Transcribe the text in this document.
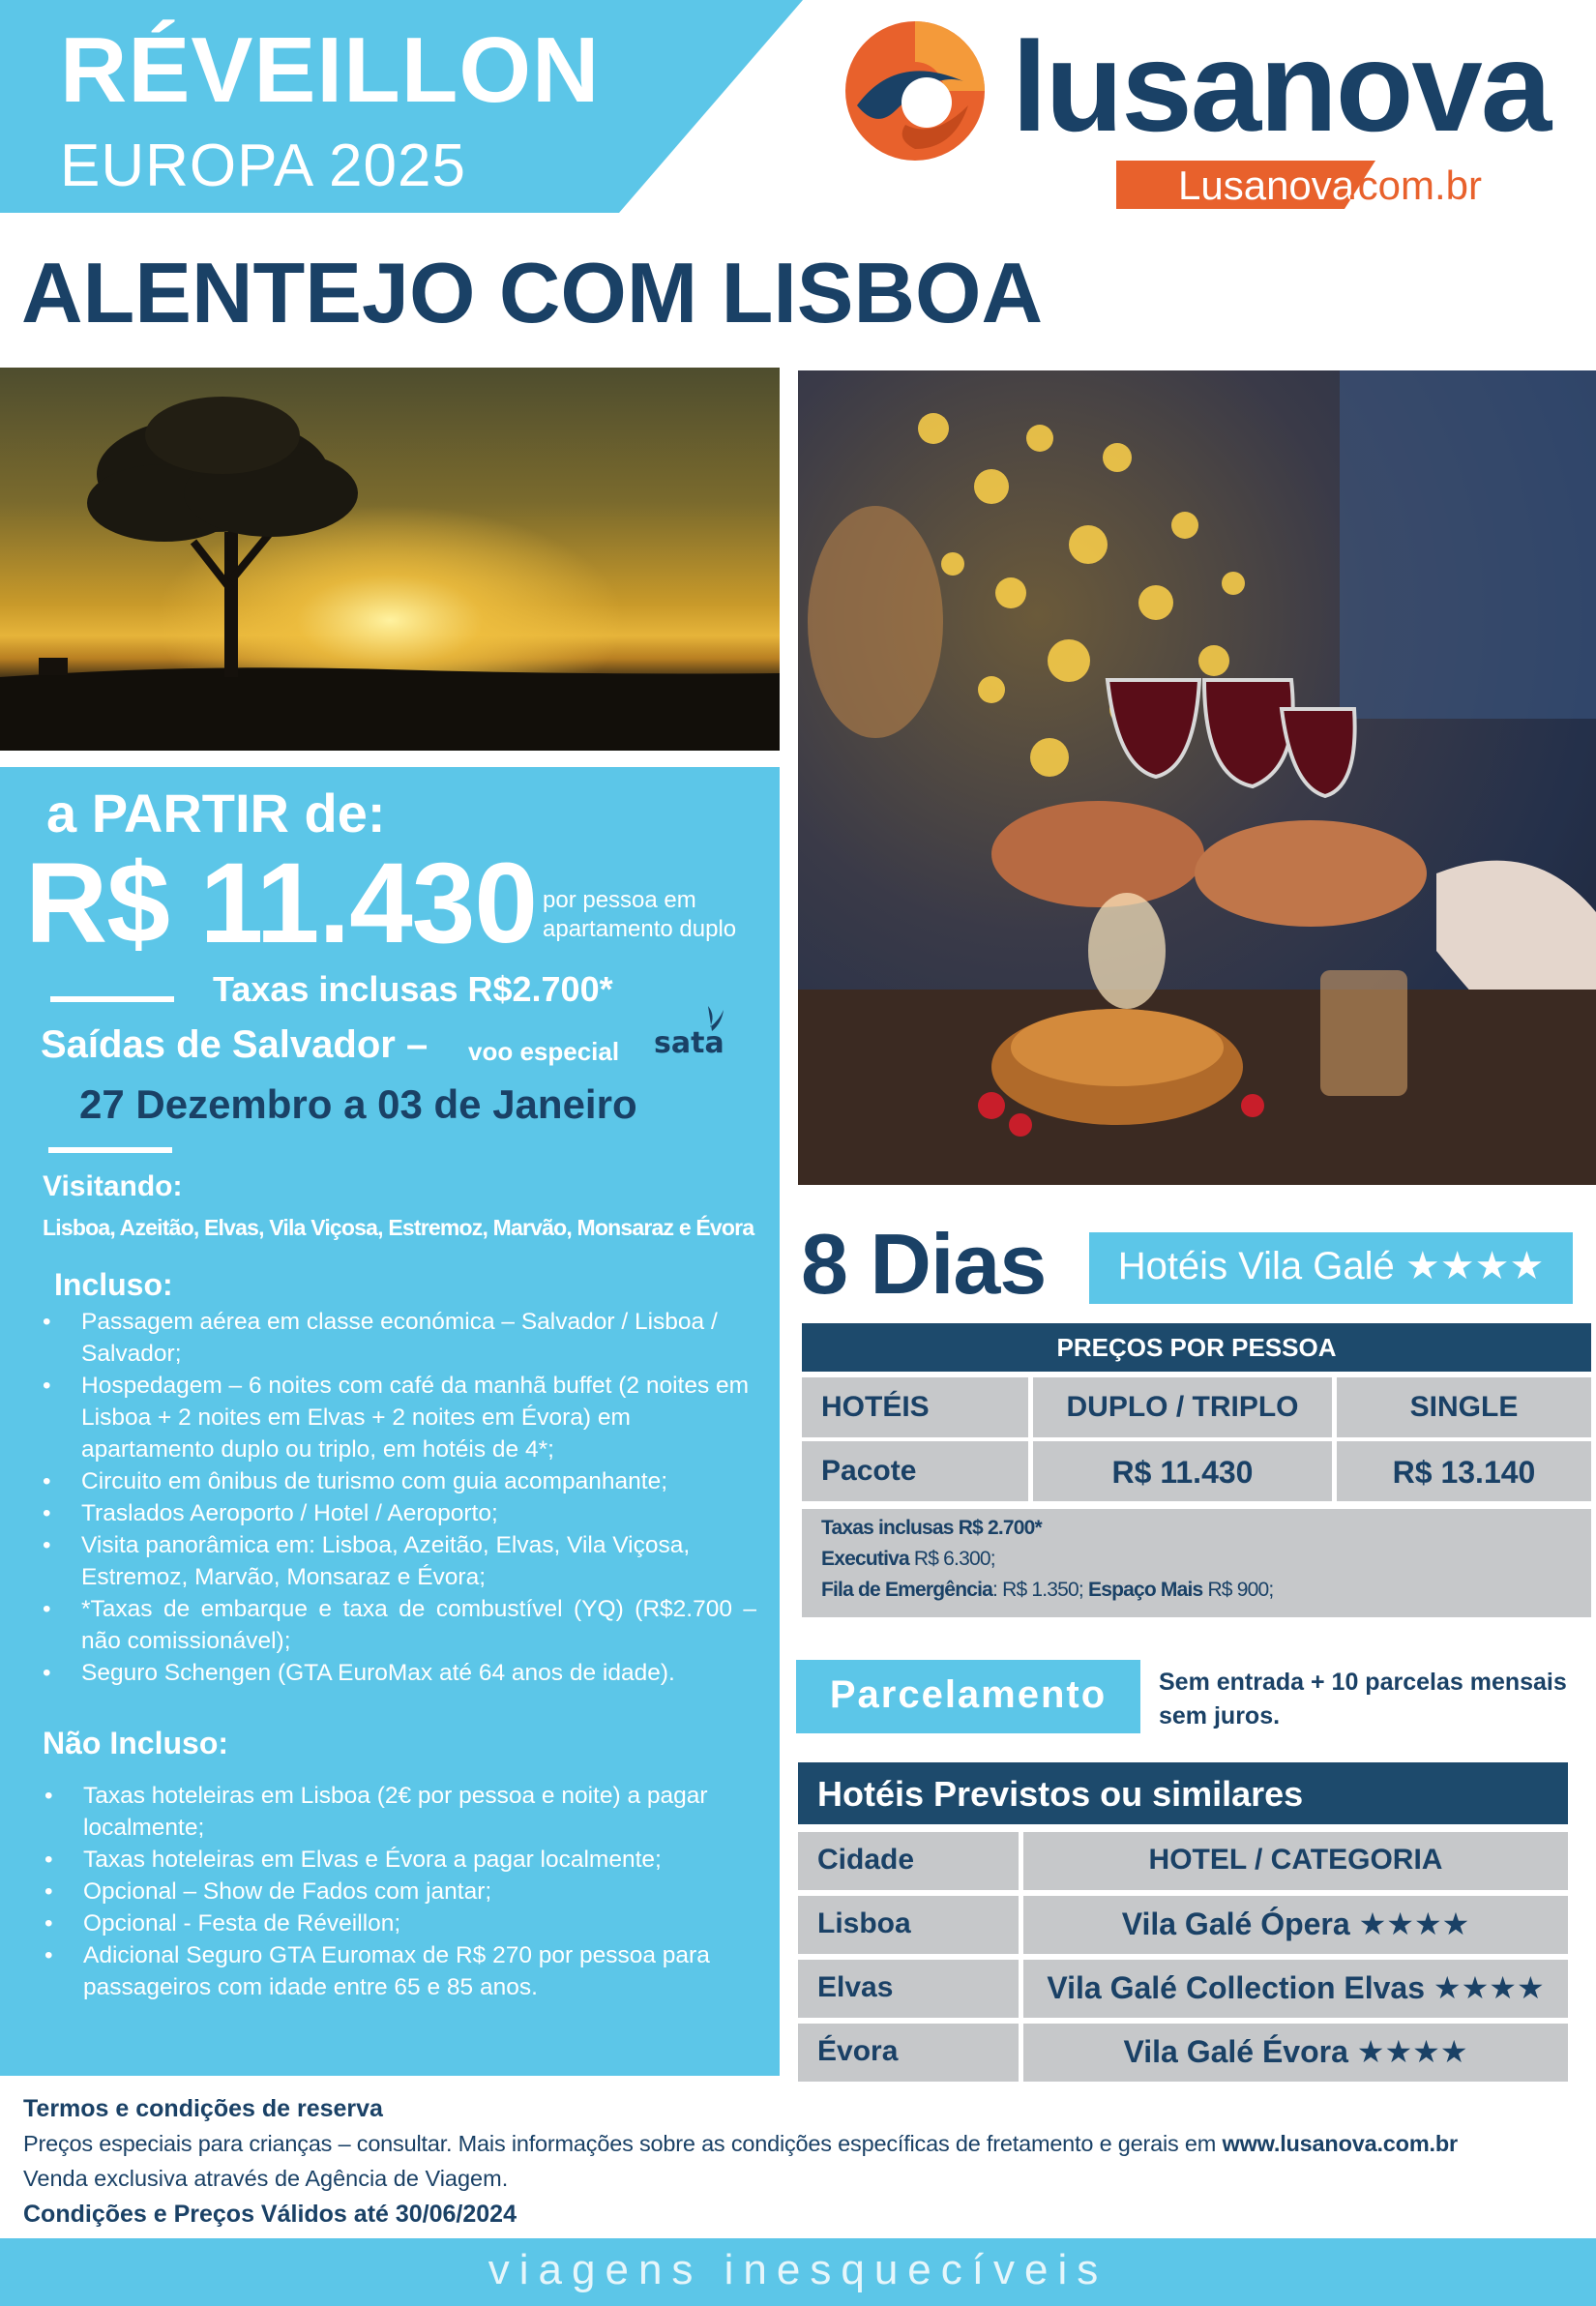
RÉVEILLON
EUROPA 2025
lusanova
Lusanova
.com.br
ALENTEJO COM LISBOA
a PARTIR de:
R$ 11.430 por pessoa em apartamento duplo
Taxas inclusas R$2.700*
Saídas de Salvador – voo especial sata
27 Dezembro a 03 de Janeiro
Visitando:
Lisboa, Azeitão, Elvas, Vila Viçosa, Estremoz, Marvão, Monsaraz e Évora
Incluso:
• Passagem aérea em classe económica – Salvador / Lisboa / Salvador;
• Hospedagem – 6 noites com café da manhã buffet (2 noites em Lisboa + 2 noites em Elvas + 2 noites em Évora) em apartamento duplo ou triplo, em hotéis de 4*;
• Circuito em ônibus de turismo com guia acompanhante;
• Traslados Aeroporto / Hotel / Aeroporto;
• Visita panorâmica em: Lisboa, Azeitão, Elvas, Vila Viçosa, Estremoz, Marvão, Monsaraz e Évora;
• *Taxas de embarque e taxa de combustível (YQ) (R$2.700 – não comissionável);
• Seguro Schengen (GTA EuroMax até 64 anos de idade).
Não Incluso:
• Taxas hoteleiras em Lisboa (2€ por pessoa e noite) a pagar localmente;
• Taxas hoteleiras em Elvas e Évora a pagar localmente;
• Opcional – Show de Fados com jantar;
• Opcional - Festa de Réveillon;
• Adicional Seguro GTA Euromax de R$ 270 por pessoa para passageiros com idade entre 65 e 85 anos.
8 Dias	Hotéis Vila Galé ★★★★
PREÇOS POR PESSOA
HOTÉIS	DUPLO / TRIPLO	SINGLE
Pacote	R$ 11.430	R$ 13.140
Taxas inclusas R$ 2.700*
Executiva R$ 6.300;
Fila de Emergência: R$ 1.350; Espaço Mais R$ 900;
Parcelamento	Sem entrada + 10 parcelas mensais sem juros.
Hotéis Previstos ou similares
Cidade	HOTEL / CATEGORIA
Lisboa	Vila Galé Ópera ★★★★
Elvas	Vila Galé Collection Elvas ★★★★
Évora	Vila Galé Évora ★★★★
Termos e condições de reserva
Preços especiais para crianças – consultar. Mais informações sobre as condições específicas de fretamento e gerais em www.lusanova.com.br
Venda exclusiva através de Agência de Viagem.
Condições e Preços Válidos até 30/06/2024
viagens inesquecíveis
